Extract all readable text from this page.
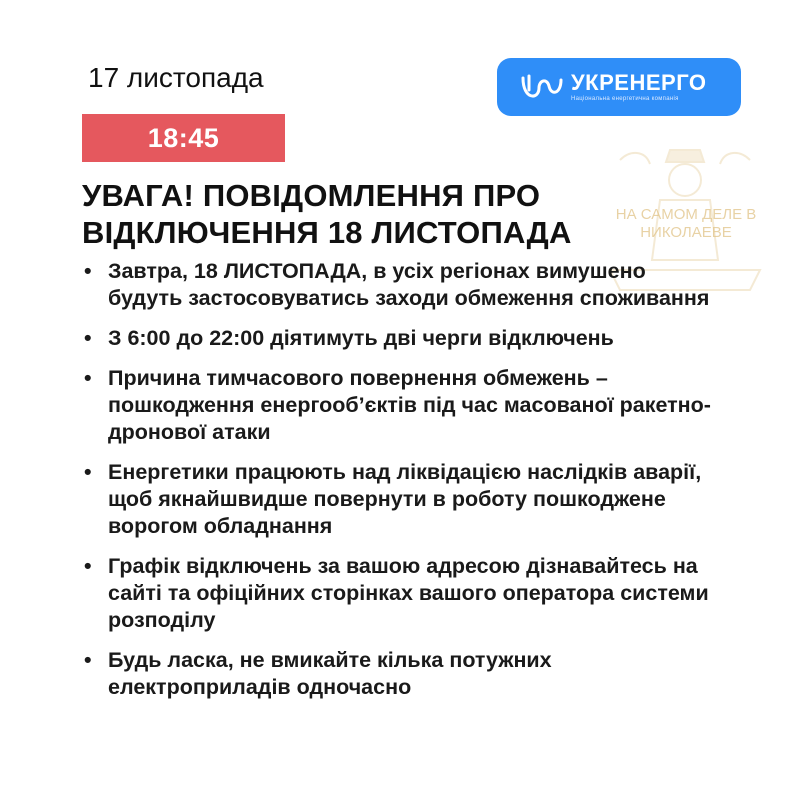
17 листопада
18:45
УКРЕНЕРГО
Національна енергетична компанія
НА САМОМ ДЕЛЕ В
НИКОЛАЕВЕ
УВАГА! ПОВІДОМЛЕННЯ ПРО
ВІДКЛЮЧЕННЯ 18 ЛИСТОПАДА
• Завтра, 18 ЛИСТОПАДА, в усіх регіонах вимушено будуть застосовуватись заходи обмеження споживання
• З 6:00 до 22:00 діятимуть дві черги відключень
• Причина тимчасового повернення обмежень – пошкодження енергооб’єктів під час масованої ракетно-дронової атаки
• Енергетики працюють над ліквідацією наслідків аварії, щоб якнайшвидше повернути в роботу пошкоджене ворогом обладнання
• Графік відключень за вашою адресою дізнавайтесь на сайті та офіційних сторінках вашого оператора системи розподілу
• Будь ласка, не вмикайте кілька потужних електроприладів одночасно
